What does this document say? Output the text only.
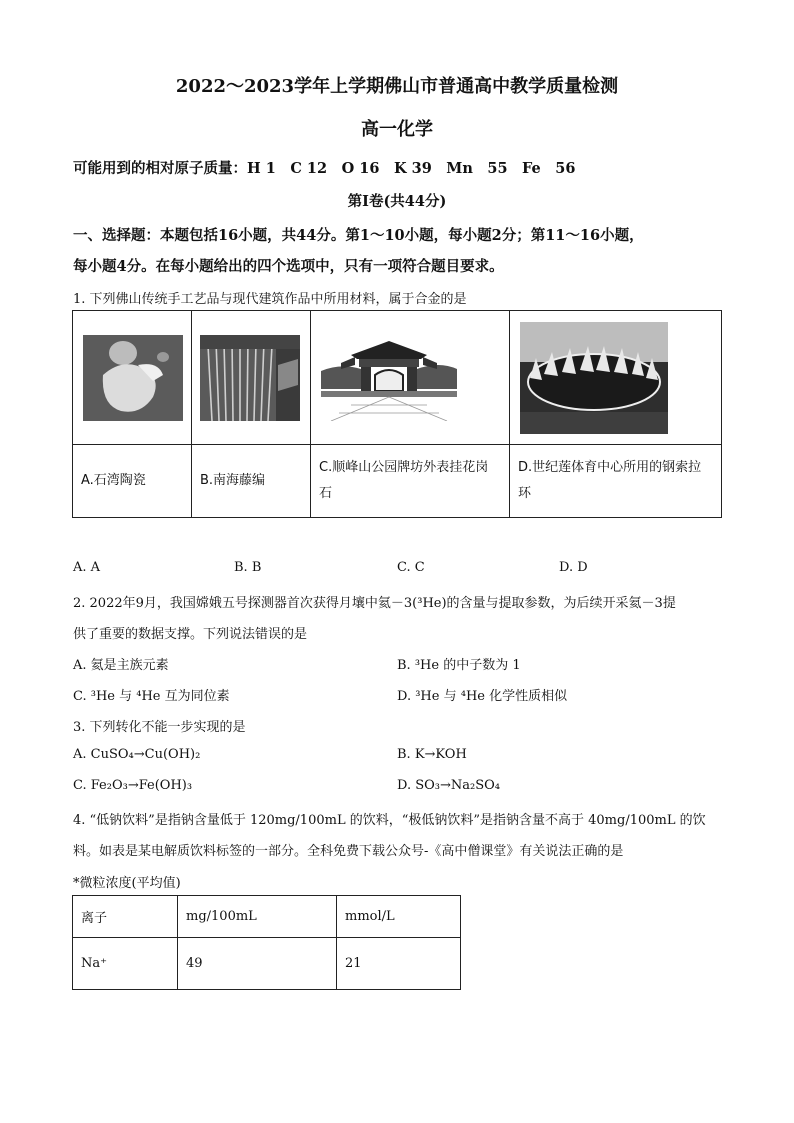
2022～2023学年上学期佛山市普通高中教学质量检测
高一化学
可能用到的相对原子质量：H 1　C 12　O 16　K 39　Mn　55　Fe　56
第Ⅰ卷(共44分)
一、选择题：本题包括16小题，共44分。第1～10小题，每小题2分；第11～16小题，
每小题4分。在每小题给出的四个选项中，只有一项符合题目要求。
1. 下列佛山传统手工艺品与现代建筑作品中所用材料，属于合金的是

A.石湾陶瓷	B.南海藤编	C.顺峰山公园牌坊外表挂花岗石	D.世纪莲体育中心所用的钢索拉环
A. A	B. B	C. C	D. D
2. 2022年9月，我国嫦娥五号探测器首次获得月壤中氦－3(³He)的含量与提取参数，为后续开采氦－3提
供了重要的数据支撑。下列说法错误的是
A. 氦是主族元素	B. ³He 的中子数为 1
C. ³He 与 ⁴He 互为同位素	D. ³He 与 ⁴He 化学性质相似
3. 下列转化不能一步实现的是
A. CuSO₄→Cu(OH)₂	B. K→KOH
C. Fe₂O₃→Fe(OH)₃	D. SO₃→Na₂SO₄
4. “低钠饮料”是指钠含量低于 120mg/100mL 的饮料，“极低钠饮料”是指钠含量不高于 40mg/100mL 的饮
料。如表是某电解质饮料标签的一部分。全科免费下载公众号-《高中僧课堂》有关说法正确的是
*微粒浓度(平均值)
离子	mg/100mL	mmol/L
Na⁺	49	21
